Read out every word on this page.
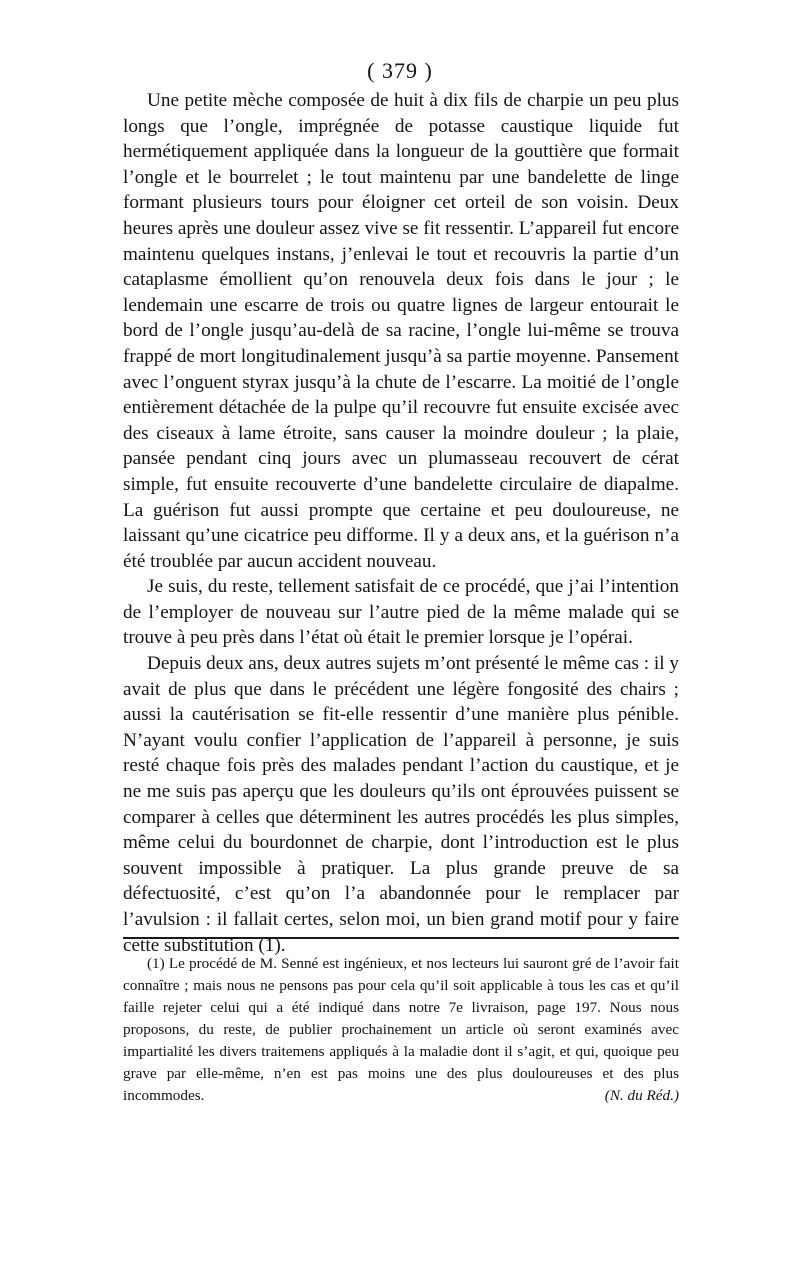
( 379 )

Une petite mèche composée de huit à dix fils de charpie un peu plus longs que l’ongle, imprégnée de potasse caustique liquide fut hermétiquement appliquée dans la longueur de la gouttière que formait l’ongle et le bourrelet ; le tout maintenu par une bandelette de linge formant plusieurs tours pour éloigner cet orteil de son voisin. Deux heures après une douleur assez vive se fit ressentir. L’appareil fut encore maintenu quelques instans, j’enlevai le tout et recouvris la partie d’un cataplasme émollient qu’on renouvela deux fois dans le jour ; le lendemain une escarre de trois ou quatre lignes de largeur entourait le bord de l’ongle jusqu’au-delà de sa racine, l’ongle lui-même se trouva frappé de mort longitudinalement jusqu’à sa partie moyenne. Pansement avec l’onguent styrax jusqu’à la chute de l’escarre. La moitié de l’ongle entièrement détachée de la pulpe qu’il recouvre fut ensuite excisée avec des ciseaux à lame étroite, sans causer la moindre douleur ; la plaie, pansée pendant cinq jours avec un plumasseau recouvert de cérat simple, fut ensuite recouverte d’une bandelette circulaire de diapalme. La guérison fut aussi prompte que certaine et peu douloureuse, ne laissant qu’une cicatrice peu difforme. Il y a deux ans, et la guérison n’a été troublée par aucun accident nouveau.

Je suis, du reste, tellement satisfait de ce procédé, que j’ai l’intention de l’employer de nouveau sur l’autre pied de la même malade qui se trouve à peu près dans l’état où était le premier lorsque je l’opérai.

Depuis deux ans, deux autres sujets m’ont présenté le même cas : il y avait de plus que dans le précédent une légère fongosité des chairs ; aussi la cautérisation se fit-elle ressentir d’une manière plus pénible. N’ayant voulu confier l’application de l’appareil à personne, je suis resté chaque fois près des malades pendant l’action du caustique, et je ne me suis pas aperçu que les douleurs qu’ils ont éprouvées puissent se comparer à celles que déterminent les autres procédés les plus simples, même celui du bourdonnet de charpie, dont l’introduction est le plus souvent impossible à pratiquer. La plus grande preuve de sa défectuosité, c’est qu’on l’a abandonnée pour le remplacer par l’avulsion : il fallait certes, selon moi, un bien grand motif pour y faire cette substitution (1).

(1) Le procédé de M. Senné est ingénieux, et nos lecteurs lui sauront gré de l’avoir fait connaître ; mais nous ne pensons pas pour cela qu’il soit applicable à tous les cas et qu’il faille rejeter celui qui a été indiqué dans notre 7e livraison, page 197. Nous nous proposons, du reste, de publier prochainement un article où seront examinés avec impartialité les divers traitemens appliqués à la maladie dont il s’agit, et qui, quoique peu grave par elle-même, n’en est pas moins une des plus douloureuses et des plus incommodes.	(N. du Réd.)
